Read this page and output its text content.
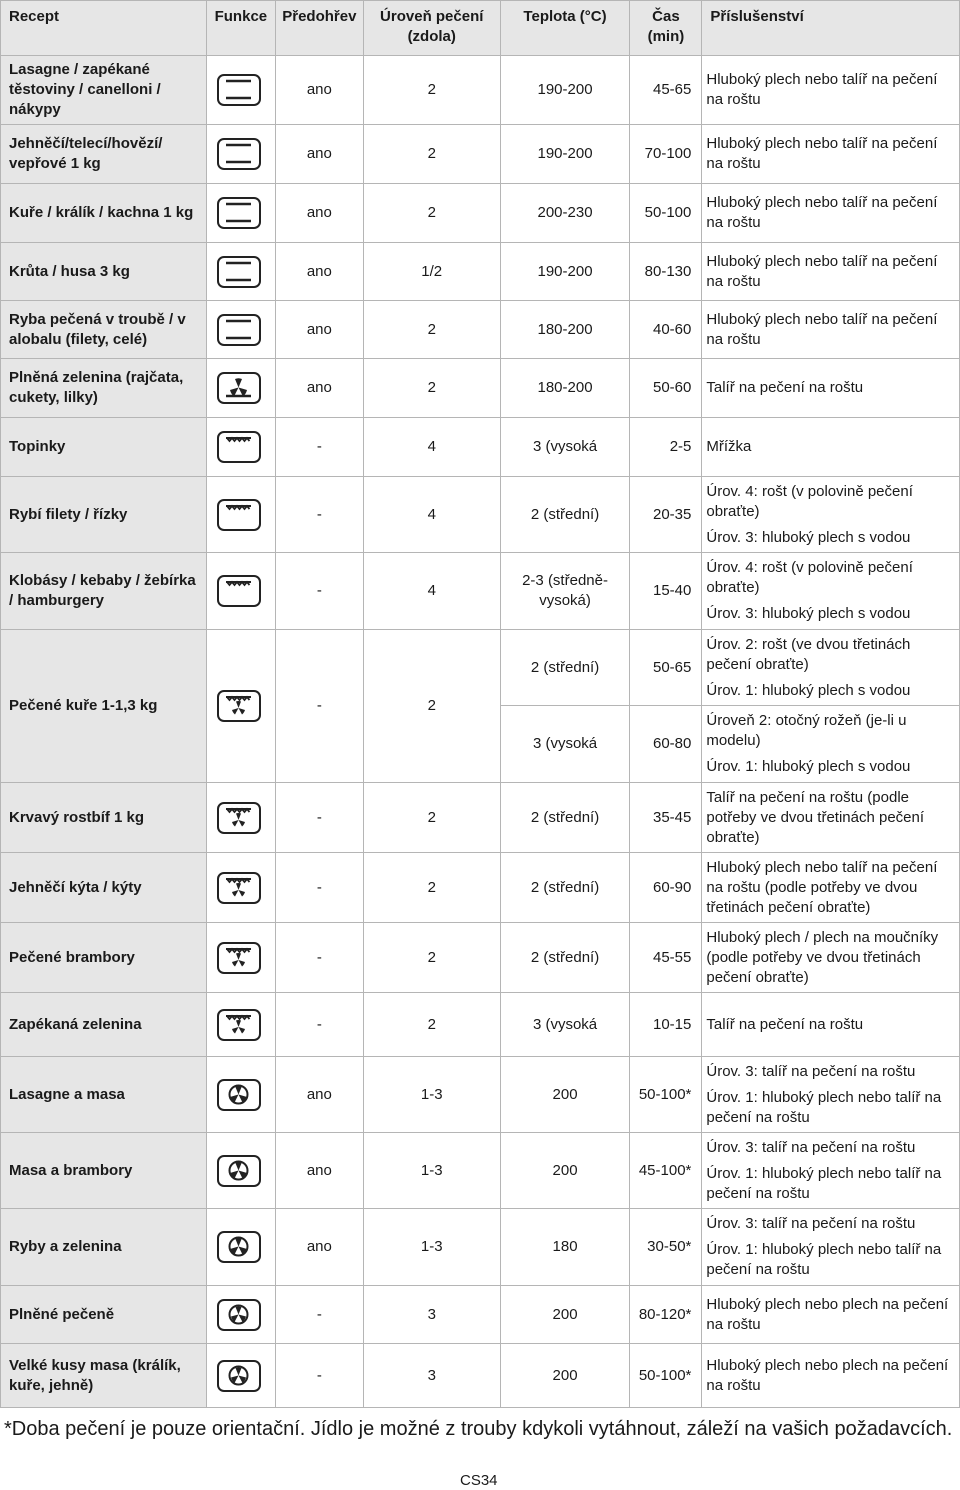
Recept	Funkce	Předohřev	Úroveň pečení (zdola)	Teplota (°C)	Čas (min)	Příslušenství
Lasagne / zapékané těstoviny / canelloni / nákypy		ano	2	190-200	45-65	Hluboký plech nebo talíř na pečení na roštu

Jehněčí/telecí/hovězí/ vepřové 1 kg		ano	2	190-200	70-100	Hluboký plech nebo talíř na pečení na roštu

Kuře / králík / kachna 1 kg		ano	2	200-230	50-100	Hluboký plech nebo talíř na pečení na roštu

Krůta / husa 3 kg		ano	1/2	190-200	80-130	Hluboký plech nebo talíř na pečení na roštu

Ryba pečená v troubě / v alobalu (filety, celé)		ano	2	180-200	40-60	Hluboký plech nebo talíř na pečení na roštu

Plněná zelenina (rajčata, cukety, lilky)		ano	2	180-200	50-60	Talíř na pečení na roštu

Topinky		-	4	3 (vysoká	2-5	Mřížka

Rybí filety / řízky		-	4	2 (střední)	20-35	Úrov. 4: rošt (v polovině pečení obraťte)
Úrov. 3: hluboký plech s vodou

Klobásy / kebaby / žebírka / hamburgery		-	4	2-3 (středně-vysoká)	15-40	Úrov. 4: rošt (v polovině pečení obraťte)
Úrov. 3: hluboký plech s vodou

Pečené kuře 1-1,3 kg		-	2	2 (střední)	50-65	Úrov. 2: rošt (ve dvou třetinách pečení obraťte)
Úrov. 1: hluboký plech s vodou

				3 (vysoká	60-80	Úroveň 2: otočný rožeň (je-li u modelu)
Úrov. 1: hluboký plech s vodou

Krvavý rostbíf 1 kg		-	2	2 (střední)	35-45	Talíř na pečení na roštu (podle potřeby ve dvou třetinách pečení obraťte)

Jehněčí kýta / kýty		-	2	2 (střední)	60-90	Hluboký plech nebo talíř na pečení na roštu (podle potřeby ve dvou třetinách pečení obraťte)

Pečené brambory		-	2	2 (střední)	45-55	Hluboký plech / plech na moučníky (podle potřeby ve dvou třetinách pečení obraťte)

Zapékaná zelenina		-	2	3 (vysoká	10-15	Talíř na pečení na roštu

Lasagne a masa		ano	1-3	200	50-100*	Úrov. 3: talíř na pečení na roštu
Úrov. 1: hluboký plech nebo talíř na pečení na roštu

Masa a brambory		ano	1-3	200	45-100*	Úrov. 3: talíř na pečení na roštu
Úrov. 1: hluboký plech nebo talíř na pečení na roštu

Ryby a zelenina		ano	1-3	180	30-50*	Úrov. 3: talíř na pečení na roštu
Úrov. 1: hluboký plech nebo talíř na pečení na roštu

Plněné pečeně		-	3	200	80-120*	Hluboký plech nebo plech na pečení na roštu

Velké kusy masa (králík, kuře, jehně)		-	3	200	50-100*	Hluboký plech nebo plech na pečení na roštu
*Doba pečení je pouze orientační. Jídlo je možné z trouby kdykoli vytáhnout, záleží na vašich požadavcích.
CS34
